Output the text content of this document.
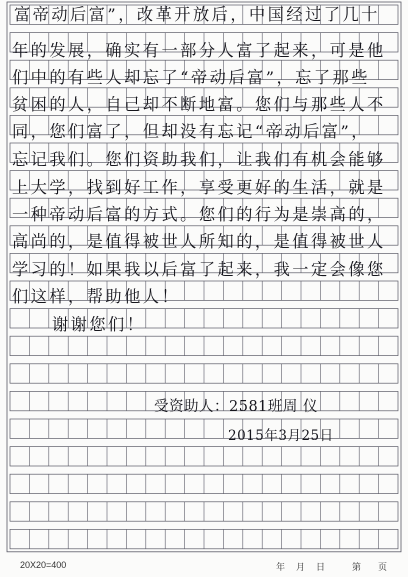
富帝动后富”，改革开放后，中国经过了几十
年的发展，确实有一部分人富了起来，可是他
们中的有些人却忘了“帝动后富”，忘了那些
贫困的人，自己却不断地富。您们与那些人不
同，您们富了，但却没有忘记“帝动后富”，
忘记我们。您们资助我们，让我们有机会能够
上大学，找到好工作，享受更好的生活，就是
一种帝动后富的方式。您们的行为是崇高的，
高尚的，是值得被世人所知的，是值得被世人
学习的！如果我以后富了起来，我一定会像您
们这样，帮助他人！
谢谢您们！
受资助人：2581班周 仪
2015年3月25日
20X20=400	年 月 日	第 页
